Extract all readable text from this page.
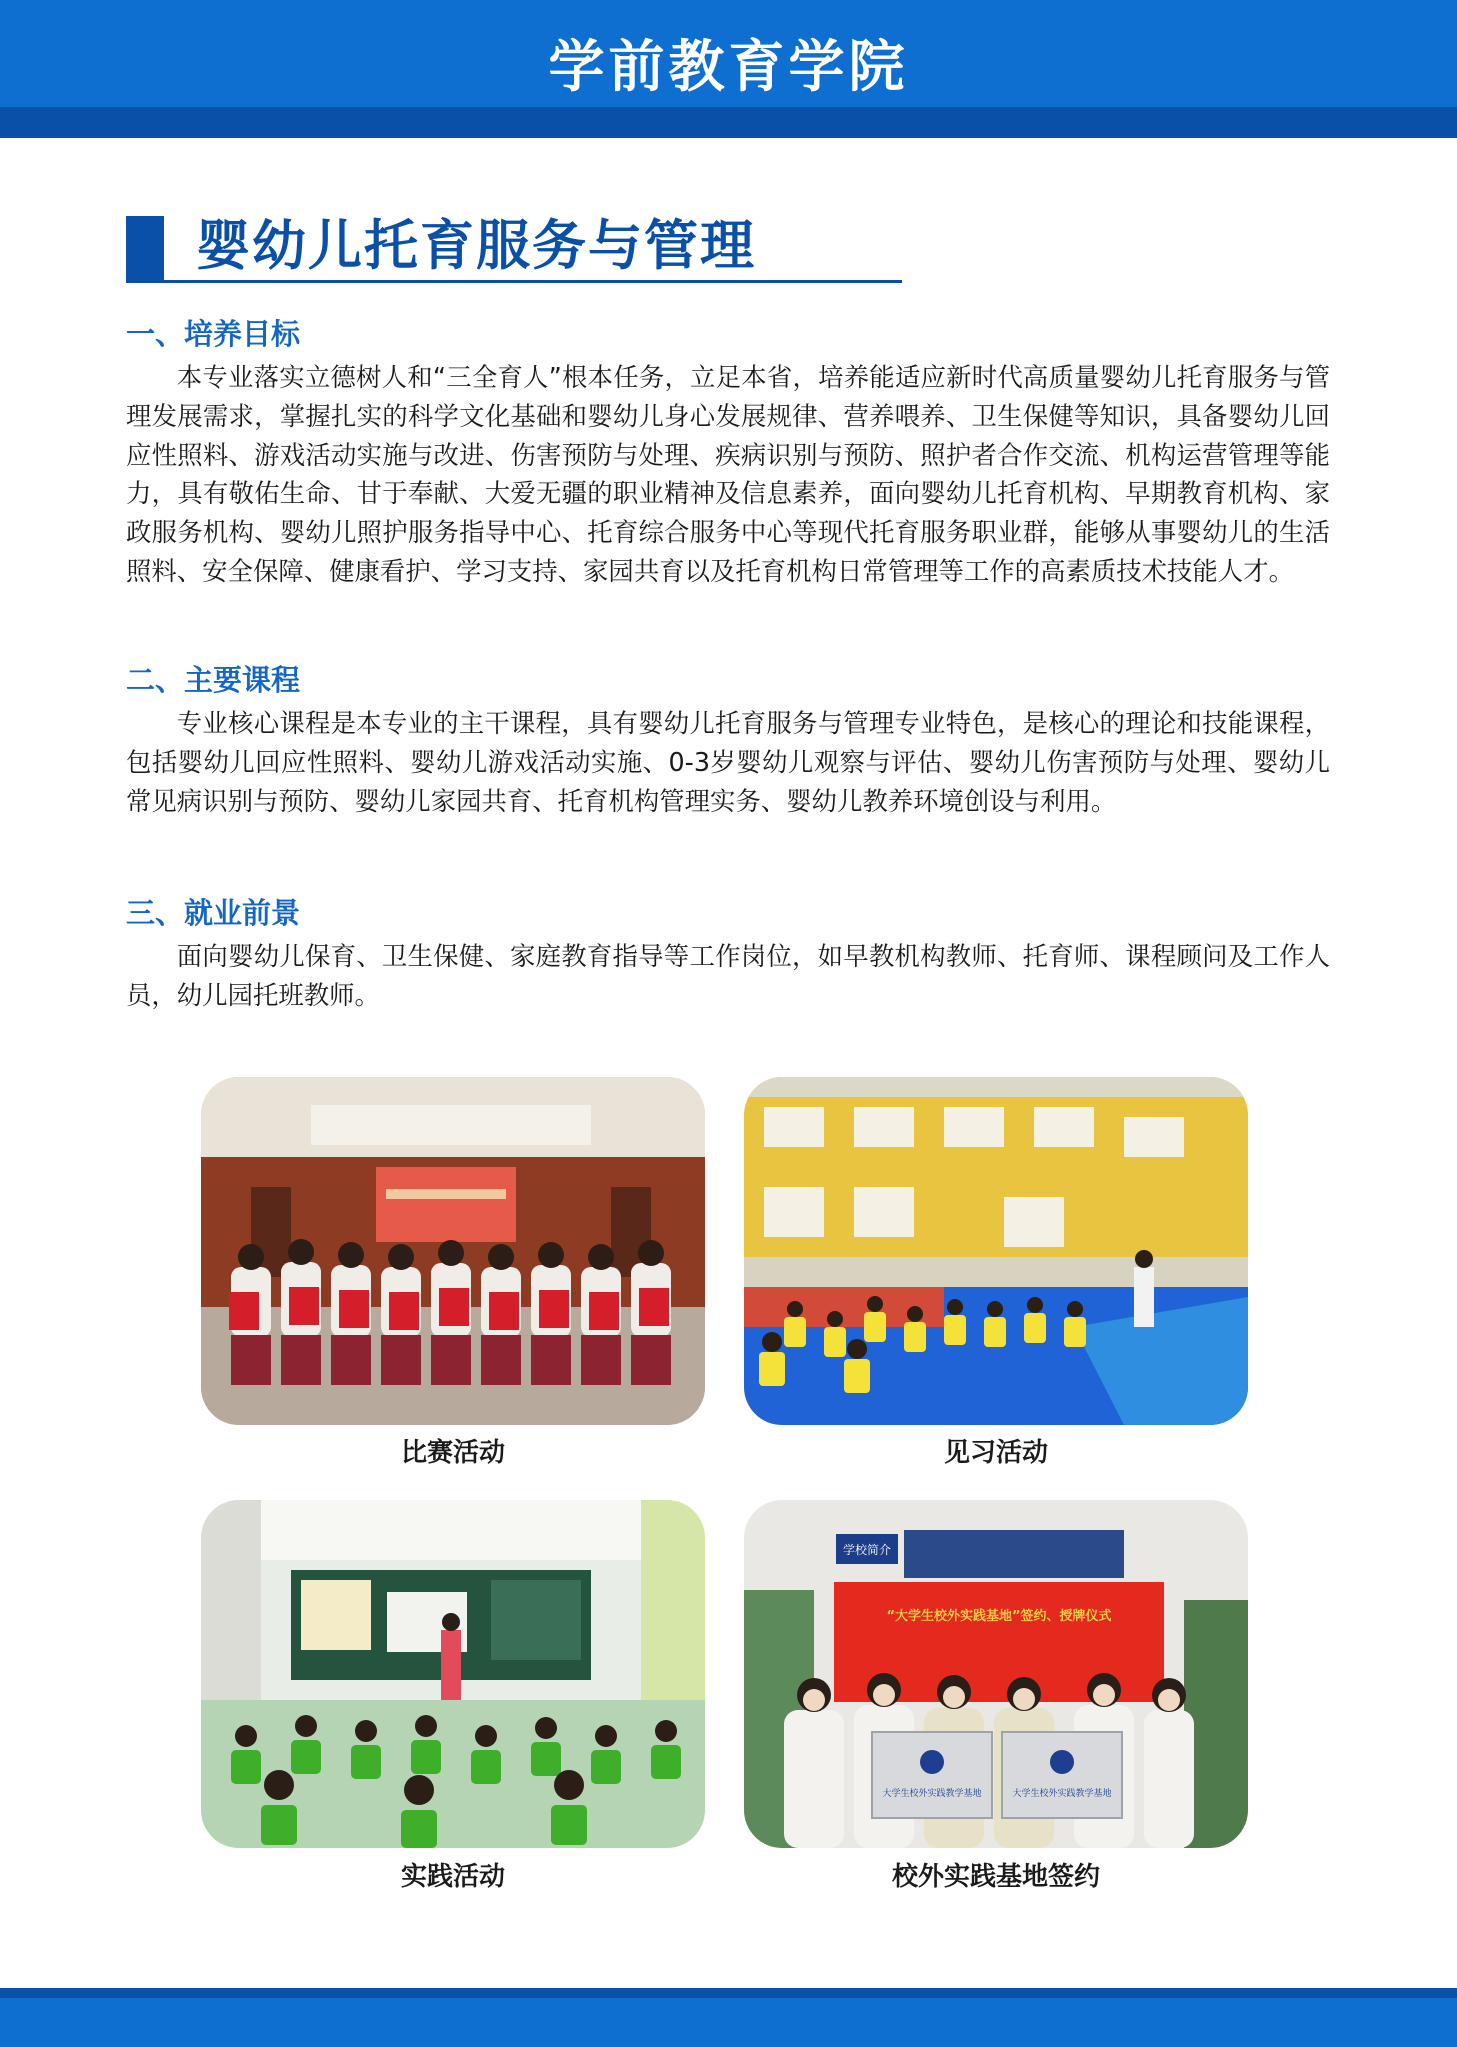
学前教育学院
婴幼儿托育服务与管理
一、培养目标
本专业落实立德树人和“三全育人”根本任务，立足本省，培养能适应新时代高质量婴幼儿托育服务与管理发展需求，掌握扎实的科学文化基础和婴幼儿身心发展规律、营养喂养、卫生保健等知识，具备婴幼儿回应性照料、游戏活动实施与改进、伤害预防与处理、疾病识别与预防、照护者合作交流、机构运营管理等能力，具有敬佑生命、甘于奉献、大爱无疆的职业精神及信息素养，面向婴幼儿托育机构、早期教育机构、家政服务机构、婴幼儿照护服务指导中心、托育综合服务中心等现代托育服务职业群，能够从事婴幼儿的生活照料、安全保障、健康看护、学习支持、家园共育以及托育机构日常管理等工作的高素质技术技能人才。
二、主要课程
专业核心课程是本专业的主干课程，具有婴幼儿托育服务与管理专业特色，是核心的理论和技能课程，包括婴幼儿回应性照料、婴幼儿游戏活动实施、0-3岁婴幼儿观察与评估、婴幼儿伤害预防与处理、婴幼儿常见病识别与预防、婴幼儿家园共育、托育机构管理实务、婴幼儿教养环境创设与利用。
三、就业前景
面向婴幼儿保育、卫生保健、家庭教育指导等工作岗位，如早教机构教师、托育师、课程顾问及工作人员，幼儿园托班教师。
比赛活动	见习活动
实践活动
学校简介
“大学生校外实践基地”签约、授牌仪式
大学生校外实践教学基地	大学生校外实践教学基地
校外实践基地签约
